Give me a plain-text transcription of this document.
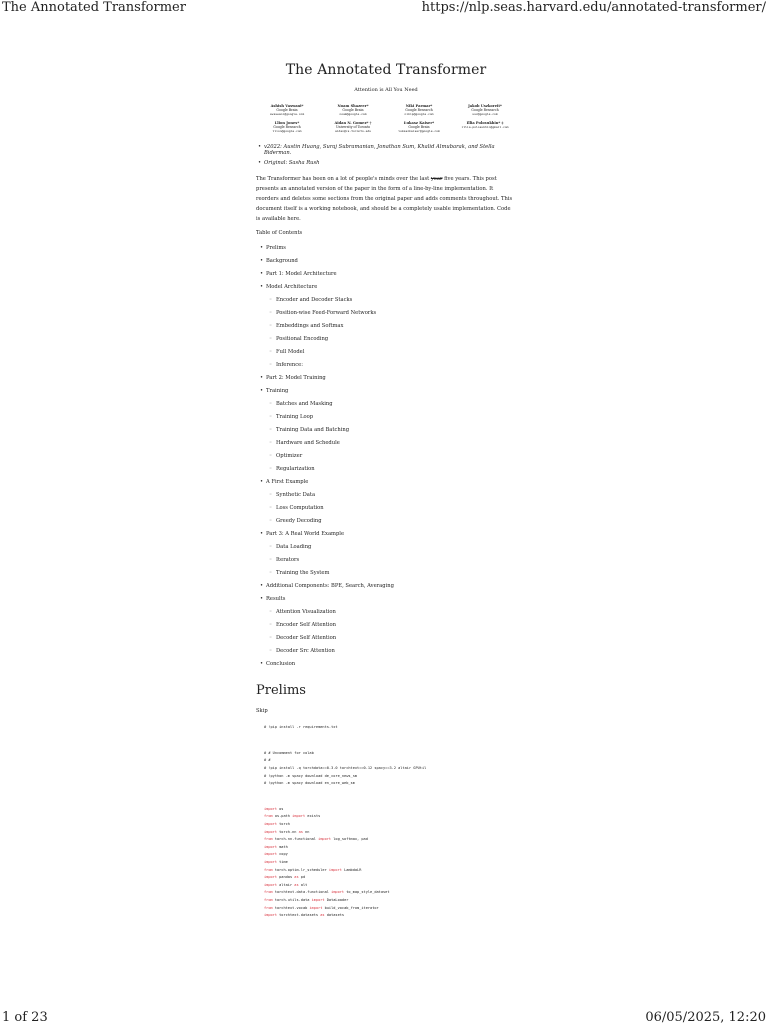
The Annotated Transformer	https://nlp.seas.harvard.edu/annotated-transformer/
The Annotated Transformer
Attention is All You Need
Ashish Vaswani*
Google Brain
avaswani@google.com
Noam Shazeer*
Google Brain
noam@google.com
Niki Parmar*
Google Research
nikip@google.com
Jakob Uszkoreit*
Google Research
usz@google.com
Llion Jones*
Google Research
llion@google.com
Aidan N. Gomez* †
University of Toronto
aidan@cs.toronto.edu
Łukasz Kaiser*
Google Brain
lukaszkaiser@google.com
Illia Polosukhin* ‡
illia.polosukhin@gmail.com
• v2022: Austin Huang, Suraj Subramanian, Jonathan Sum, Khalid Almubarak, and Stella Biderman.
• Original: Sasha Rush
The Transformer has been on a lot of people's minds over the last year five years. This post presents an annotated version of the paper in the form of a line-by-line implementation. It reorders and deletes some sections from the original paper and adds comments throughout. This document itself is a working notebook, and should be a completely usable implementation. Code is available here.
Table of Contents
• Prelims
• Background
• Part 1: Model Architecture
• Model Architecture
◦ Encoder and Decoder Stacks
◦ Position-wise Feed-Forward Networks
◦ Embeddings and Softmax
◦ Positional Encoding
◦ Full Model
◦ Inference:
• Part 2: Model Training
• Training
◦ Batches and Masking
◦ Training Loop
◦ Training Data and Batching
◦ Hardware and Schedule
◦ Optimizer
◦ Regularization
• A First Example
◦ Synthetic Data
◦ Loss Computation
◦ Greedy Decoding
• Part 3: A Real World Example
◦ Data Loading
◦ Iterators
◦ Training the System
• Additional Components: BPE, Search, Averaging
• Results
◦ Attention Visualization
◦ Encoder Self Attention
◦ Decoder Self Attention
◦ Decoder Src Attention
• Conclusion
Prelims
Skip
# !pip install -r requirements.txt
# # Uncomment for colab
# #
# !pip install -q torchdata==0.3.0 torchtext==0.12 spacy==3.2 altair GPUtil
# !python -m spacy download de_core_news_sm
# !python -m spacy download en_core_web_sm
import os
from os.path import exists
import torch
import torch.nn as nn
from torch.nn.functional import log_softmax, pad
import math
import copy
import time
from torch.optim.lr_scheduler import LambdaLR
import pandas as pd
import altair as alt
from torchtext.data.functional import to_map_style_dataset
from torch.utils.data import DataLoader
from torchtext.vocab import build_vocab_from_iterator
import torchtext.datasets as datasets
1 of 23	06/05/2025, 12:20
